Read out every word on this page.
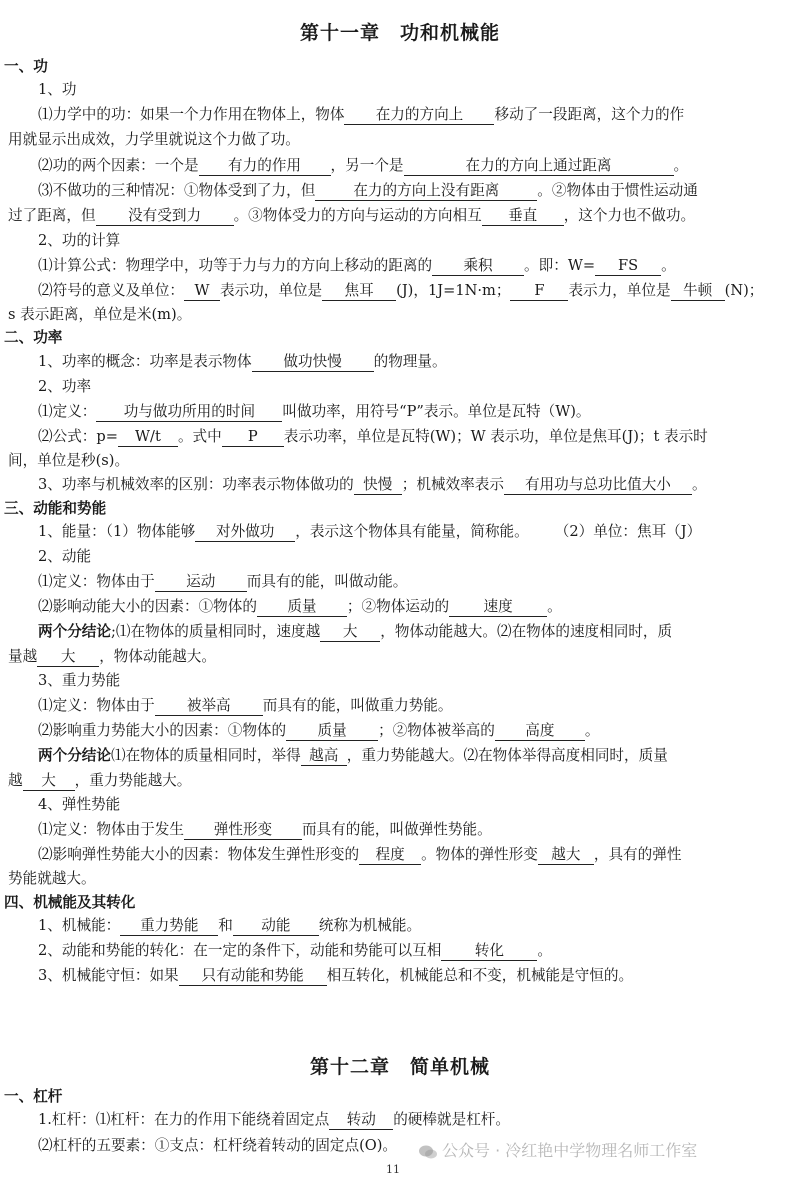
第十一章　功和机械能
一、功
1、功
⑴力学中的功：如果一个力作用在物体上，物体 在力的方向上 移动了一段距离，这个力的作
用就显示出成效，力学里就说这个力做了功。
⑵功的两个因素：一个是 有力的作用 ，另一个是	在力的方向上通过距离	。
⑶不做功的三种情况：①物体受到了力，但	在力的方向上没有距离	。②物体由于惯性运动通
过了距离，但 没有受到力 。③物体受力的方向与运动的方向相互 垂直 ，这个力也不做功。
2、功的计算
⑴计算公式：物理学中，功等于力与力的方向上移动的距离的 乘积 。即：W= FS 。
⑵符号的意义及单位： W 表示功，单位是 焦耳 (J)，1J=1N·m； F 表示力，单位是 牛顿 (N)；
s 表示距离，单位是米(m)。
二、功率
1、功率的概念：功率是表示物体 做功快慢 的物理量。
2、功率
⑴定义： 功与做功所用的时间 叫做功率，用符号“P”表示。单位是瓦特（W)。
⑵公式：p= W/t 。式中 P 表示功率，单位是瓦特(W)；W 表示功，单位是焦耳(J)；t 表示时
间，单位是秒(s)。
3、功率与机械效率的区别：功率表示物体做功的 快慢 ；机械效率表示 有用功与总功比值大小 。
三、动能和势能
1、能量：（1）物体能够 对外做功 ，表示这个物体具有能量，简称能。 （2）单位：焦耳（J）
2、动能
⑴定义：物体由于 运动 而具有的能，叫做动能。
⑵影响动能大小的因素：①物体的 质量 ；②物体运动的 速度 。
两个分结论;⑴在物体的质量相同时，速度越 大 ，物体动能越大。⑵在物体的速度相同时，质
量越 大 ，物体动能越大。
3、重力势能
⑴定义：物体由于 被举高 而具有的能，叫做重力势能。
⑵影响重力势能大小的因素：①物体的 质量 ；②物体被举高的 高度 。
两个分结论⑴在物体的质量相同时，举得 越高 ，重力势能越大。⑵在物体举得高度相同时，质量
越 大 ，重力势能越大。
4、弹性势能
⑴定义：物体由于发生 弹性形变 而具有的能，叫做弹性势能。
⑵影响弹性势能大小的因素：物体发生弹性形变的 程度 。物体的弹性形变 越大 ，具有的弹性
势能就越大。
四、机械能及其转化
1、机械能： 重力势能 和 动能 统称为机械能。
2、动能和势能的转化：在一定的条件下，动能和势能可以互相 转化 。
3、机械能守恒：如果 只有动能和势能 相互转化，机械能总和不变，机械能是守恒的。
第十二章　简单机械
一、杠杆
1.杠杆：⑴杠杆：在力的作用下能绕着固定点 转动 的硬棒就是杠杆。
⑵杠杆的五要素：①支点：杠杆绕着转动的固定点(O)。	公众号 · 冷红艳中学物理名师工作室
11
